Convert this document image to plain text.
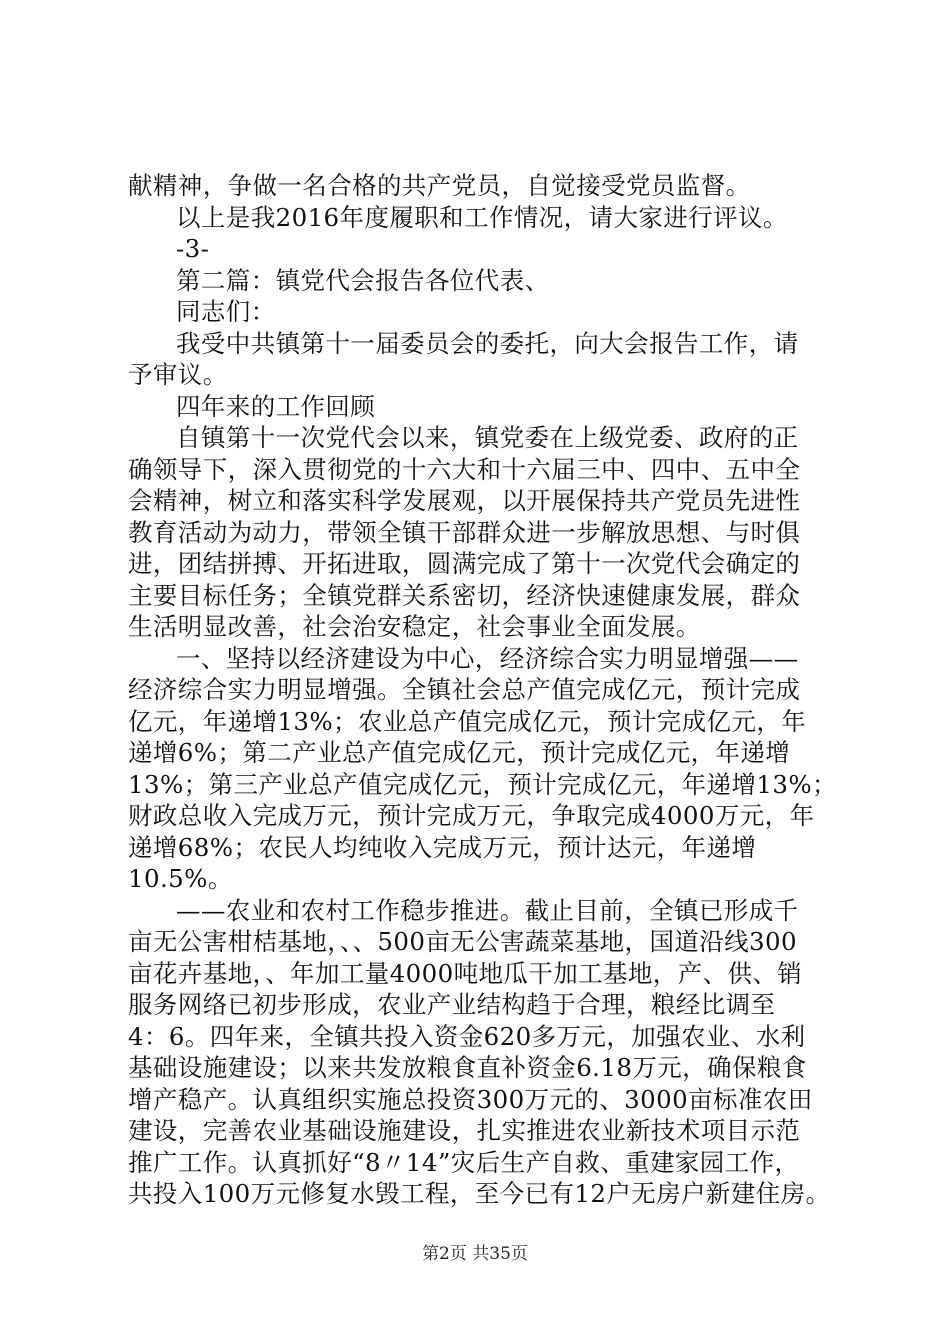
献精神，争做一名合格的共产党员，自觉接受党员监督。
以上是我2016年度履职和工作情况，请大家进行评议。
-3-
第二篇：镇党代会报告各位代表、
同志们：
我受中共镇第十一届委员会的委托，向大会报告工作，请
予审议。
四年来的工作回顾
自镇第十一次党代会以来，镇党委在上级党委、政府的正
确领导下，深入贯彻党的十六大和十六届三中、四中、五中全
会精神，树立和落实科学发展观，以开展保持共产党员先进性
教育活动为动力，带领全镇干部群众进一步解放思想、与时俱
进，团结拼搏、开拓进取，圆满完成了第十一次党代会确定的
主要目标任务；全镇党群关系密切，经济快速健康发展，群众
生活明显改善，社会治安稳定，社会事业全面发展。
一、坚持以经济建设为中心，经济综合实力明显增强——
经济综合实力明显增强。全镇社会总产值完成亿元，预计完成
亿元，年递增13%；农业总产值完成亿元，预计完成亿元，年
递增6%；第二产业总产值完成亿元，预计完成亿元，年递增
13%；第三产业总产值完成亿元，预计完成亿元，年递增13%；
财政总收入完成万元，预计完成万元，争取完成4000万元，年
递增68%；农民人均纯收入完成万元，预计达元，年递增
10.5%。
——农业和农村工作稳步推进。截止目前，全镇已形成千
亩无公害柑桔基地，、、500亩无公害蔬菜基地，国道沿线300
亩花卉基地，、年加工量4000吨地瓜干加工基地，产、供、销
服务网络已初步形成，农业产业结构趋于合理，粮经比调至
4：6。四年来，全镇共投入资金620多万元，加强农业、水利
基础设施建设；以来共发放粮食直补资金6.18万元，确保粮食
增产稳产。认真组织实施总投资300万元的、3000亩标准农田
建设，完善农业基础设施建设，扎实推进农业新技术项目示范
推广工作。认真抓好“8〃14”灾后生产自救、重建家园工作，
共投入100万元修复水毁工程，至今已有12户无房户新建住房。
第2页 共35页
